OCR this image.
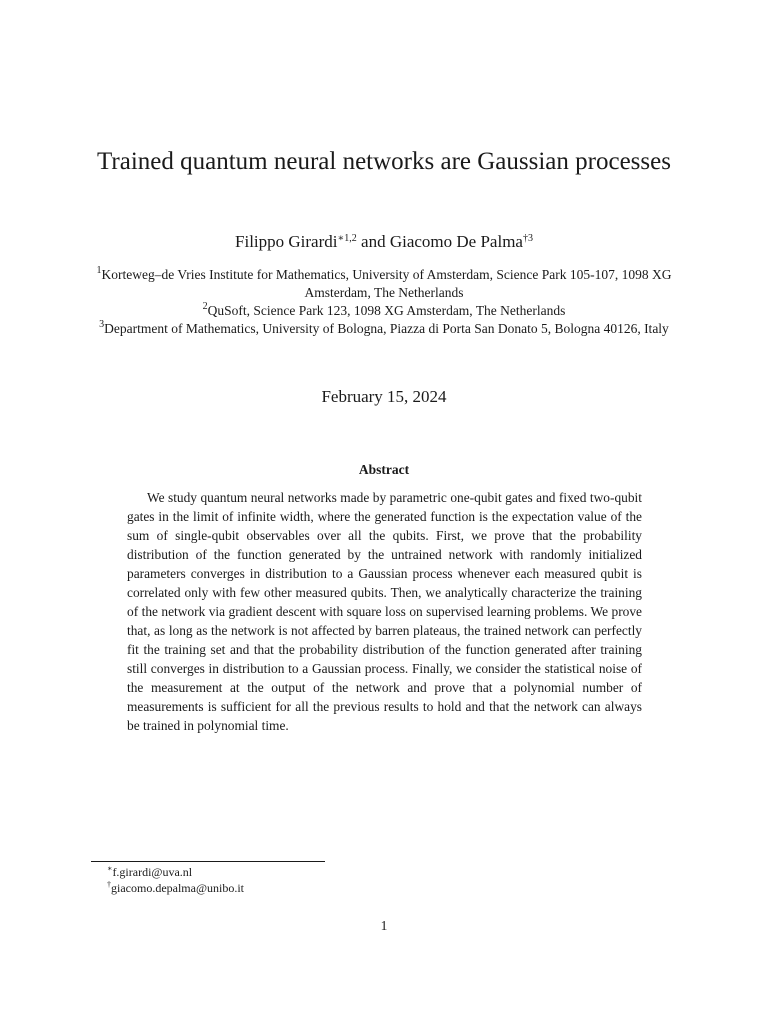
Trained quantum neural networks are Gaussian processes
Filippo Girardi$^{∗1,2}$ and Giacomo De Palma$^{\dagger 3}$
$^1$Korteweg–de Vries Institute for Mathematics, University of Amsterdam, Science Park 105-107, 1098 XG Amsterdam, The Netherlands
$^2$QuSoft, Science Park 123, 1098 XG Amsterdam, The Netherlands
$^3$Department of Mathematics, University of Bologna, Piazza di Porta San Donato 5, Bologna 40126, Italy
February 15, 2024
Abstract

We study quantum neural networks made by parametric one-qubit gates and fixed two-qubit gates in the limit of infinite width, where the generated function is the expectation value of the sum of single-qubit observables over all the qubits. First, we prove that the probability distribution of the function generated by the untrained network with randomly initialized parameters converges in distribution to a Gaussian process whenever each measured qubit is correlated only with few other measured qubits. Then, we analytically characterize the training of the network via gradient descent with square loss on supervised learning problems. We prove that, as long as the network is not affected by barren plateaus, the trained network can perfectly fit the training set and that the probability distribution of the function generated after training still converges in distribution to a Gaussian process. Finally, we consider the statistical noise of the measurement at the output of the network and prove that a polynomial number of measurements is sufficient for all the previous results to hold and that the network can always be trained in polynomial time.

∗f.girardi@uva.nl
†giacomo.depalma@unibo.it
1
